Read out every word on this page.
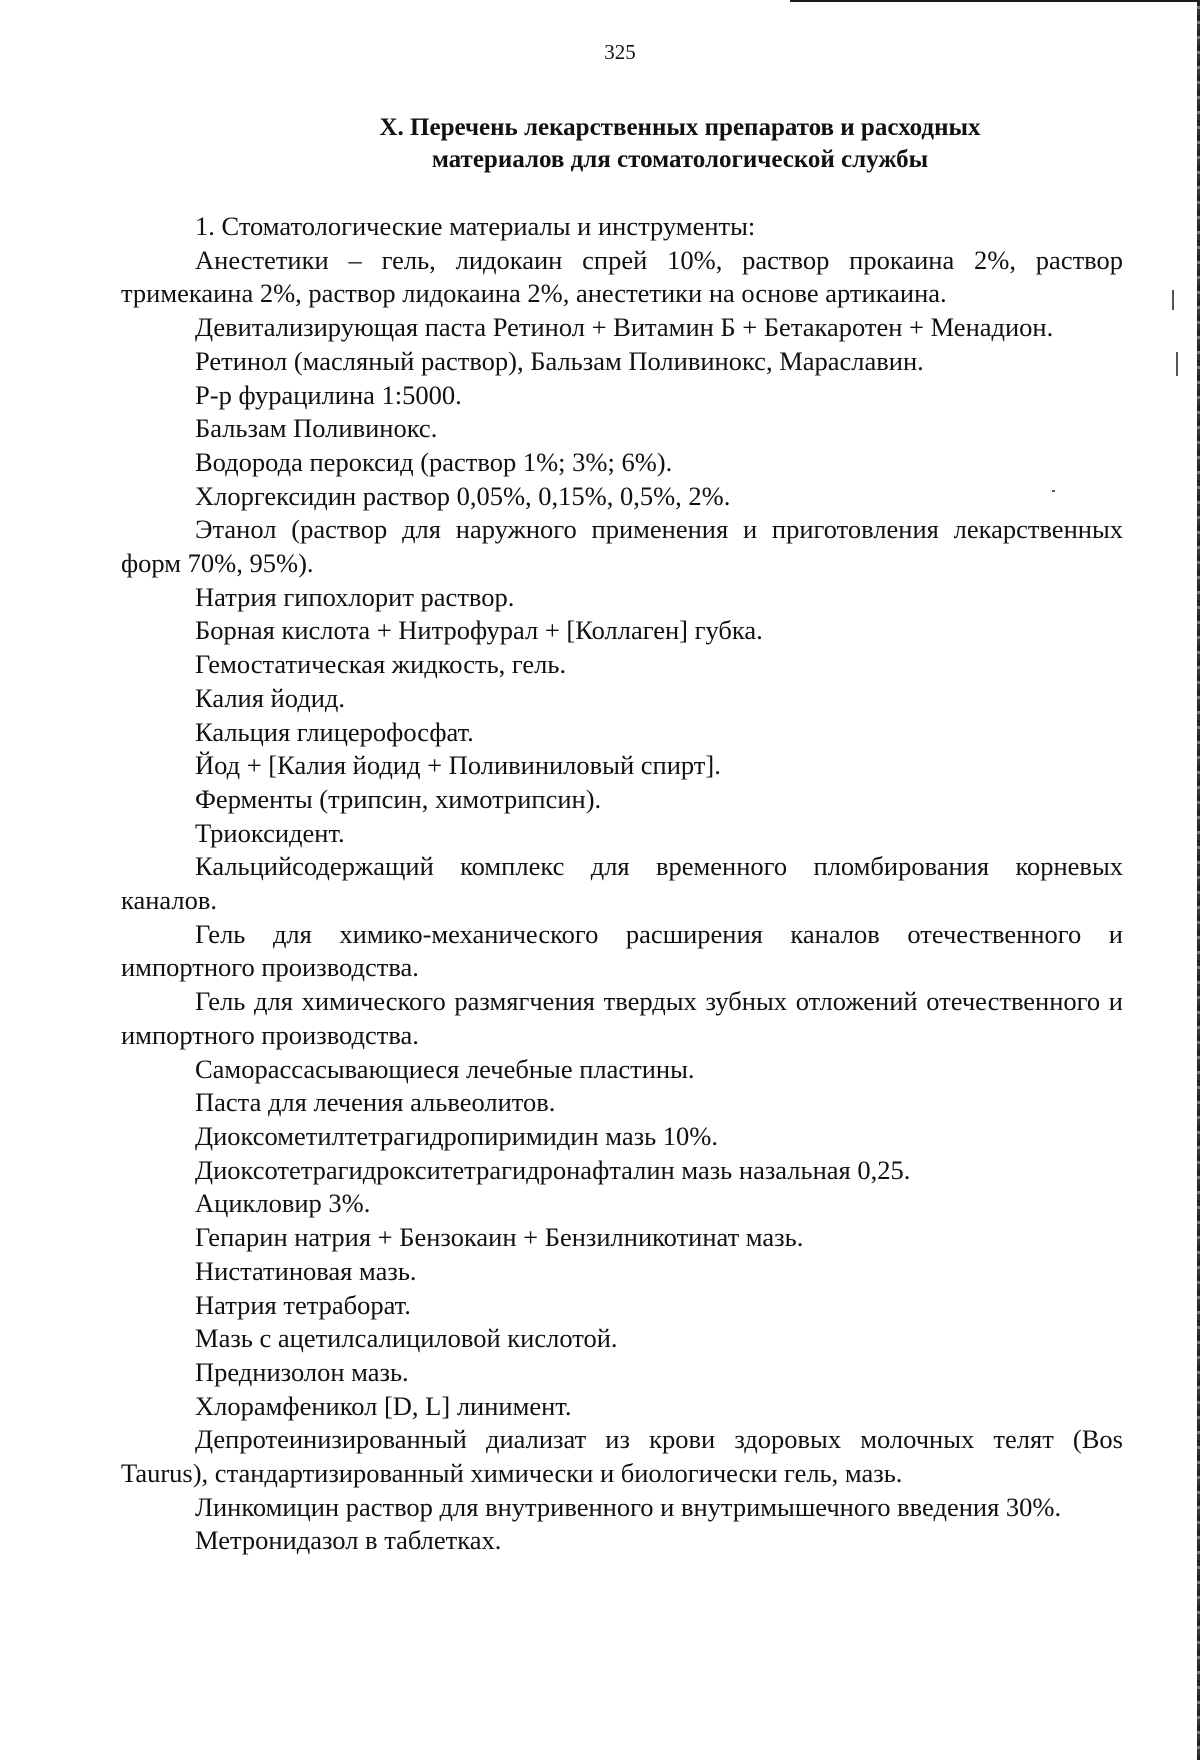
325
X. Перечень лекарственных препаратов и расходных
материалов для стоматологической службы

1. Стоматологические материалы и инструменты:

Анестетики – гель, лидокаин спрей 10%, раствор прокаина 2%, раствор тримекаина 2%, раствор лидокаина 2%, анестетики на основе артикаина.

Девитализирующая паста Ретинол + Витамин Б + Бетакаротен + Менадион.

Ретинол (масляный раствор), Бальзам Поливинокс, Мараславин.

Р-р фурацилина 1:5000.

Бальзам Поливинокс.

Водорода пероксид (раствор 1%; 3%; 6%).

Хлоргексидин раствор 0,05%, 0,15%, 0,5%, 2%.

Этанол (раствор для наружного применения и приготовления лекарственных форм 70%, 95%).

Натрия гипохлорит раствор.

Борная кислота + Нитрофурал + [Коллаген] губка.

Гемостатическая жидкость, гель.

Калия йодид.

Кальция глицерофосфат.

Йод + [Калия йодид + Поливиниловый спирт].

Ферменты (трипсин, химотрипсин).

Триоксидент.

Кальцийсодержащий комплекс для временного пломбирования корневых каналов.

Гель для химико-механического расширения каналов отечественного и импортного производства.

Гель для химического размягчения твердых зубных отложений отечественного и импортного производства.

Саморассасывающиеся лечебные пластины.

Паста для лечения альвеолитов.

Диоксометилтетрагидропиримидин мазь 10%.

Диоксотетрагидрокситетрагидронафталин мазь назальная 0,25.

Ацикловир 3%.

Гепарин натрия + Бензокаин + Бензилникотинат мазь.

Нистатиновая мазь.

Натрия тетраборат.

Мазь с ацетилсалициловой кислотой.

Преднизолон мазь.

Хлорамфеникол [D, L] линимент.

Депротеинизированный диализат из крови здоровых молочных телят (Bos Taurus), стандартизированный химически и биологически гель, мазь.

Линкомицин раствор для внутривенного и внутримышечного введения 30%.

Метронидазол в таблетках.
